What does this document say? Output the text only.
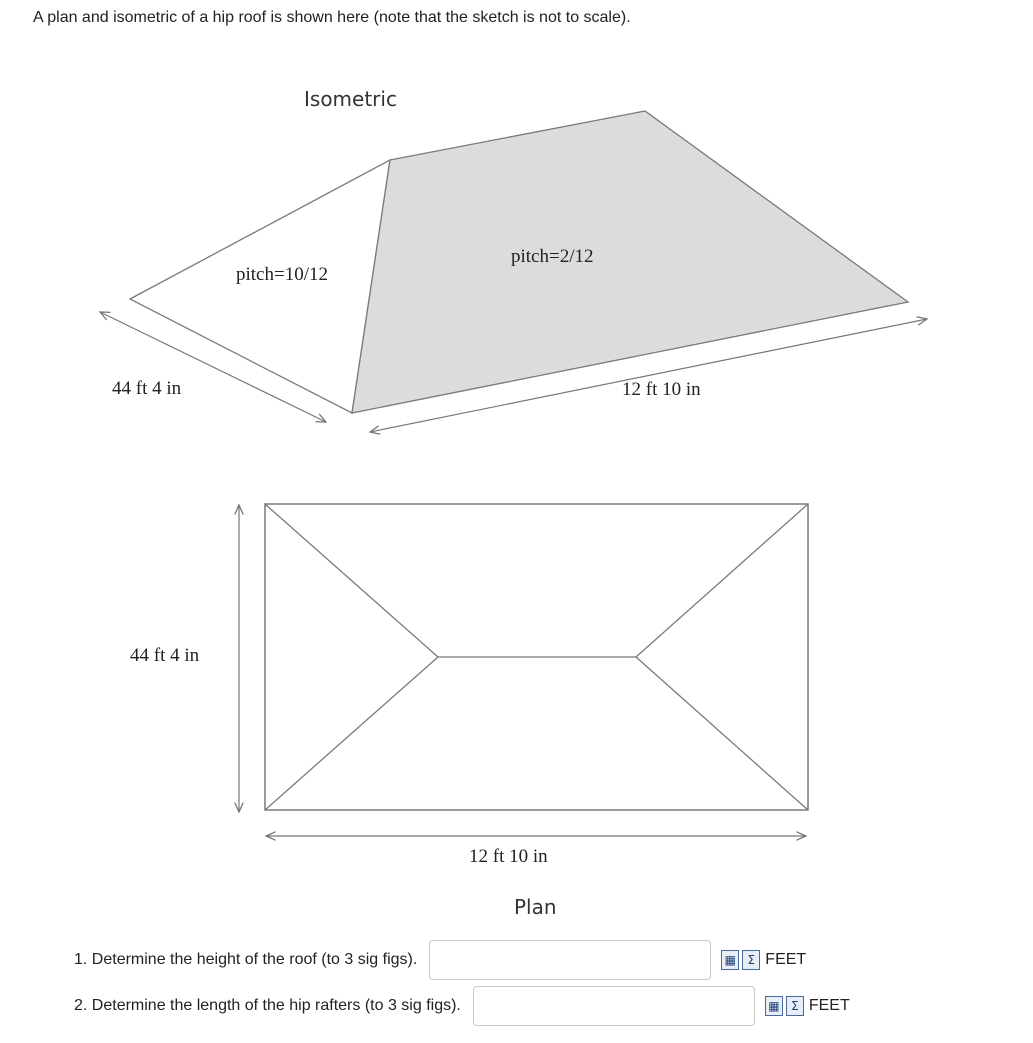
A plan and isometric of a hip roof is shown here (note that the sketch is not to scale).
Isometric
pitch=10/12
pitch=2/12
44 ft 4 in	12 ft 10 in
44 ft 4 in
12 ft 10 in
Plan
1. Determine the height of the roof (to 3 sig figs).	▦ Σ FEET
2. Determine the length of the hip rafters (to 3 sig figs).	▦ Σ FEET
